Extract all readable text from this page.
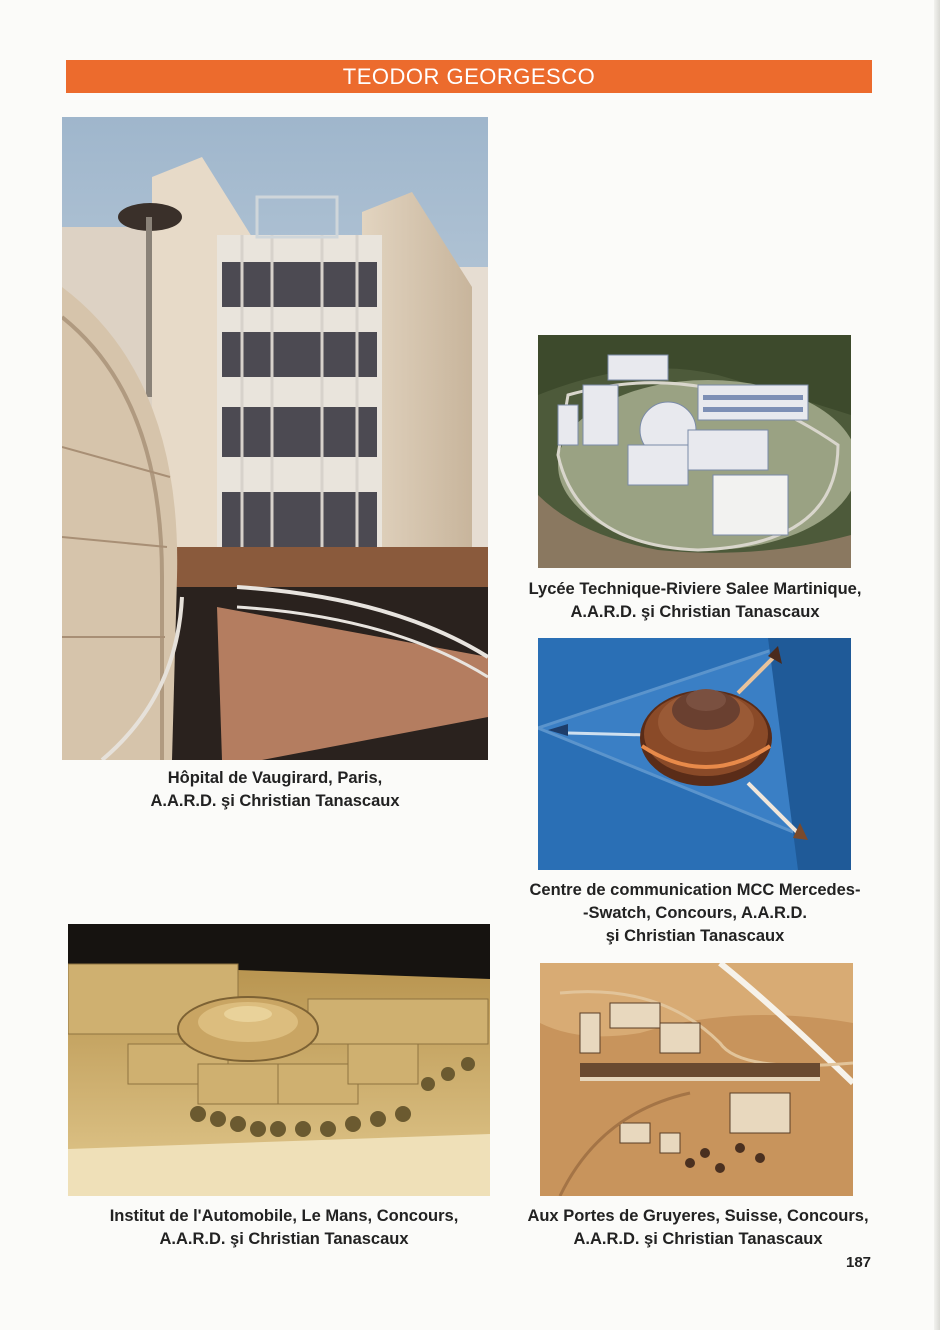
TEODOR GEORGESCO
Hôpital de Vaugirard, Paris,
A.A.R.D. şi Christian Tanascaux
Lycée Technique-Riviere Salee Martinique,
A.A.R.D. şi Christian Tanascaux
Centre de communication MCC Mercedes-
-Swatch, Concours, A.A.R.D.
şi Christian Tanascaux
Institut de l'Automobile, Le Mans, Concours,
A.A.R.D. şi Christian Tanascaux
Aux Portes de Gruyeres, Suisse, Concours,
A.A.R.D. şi Christian Tanascaux
187
